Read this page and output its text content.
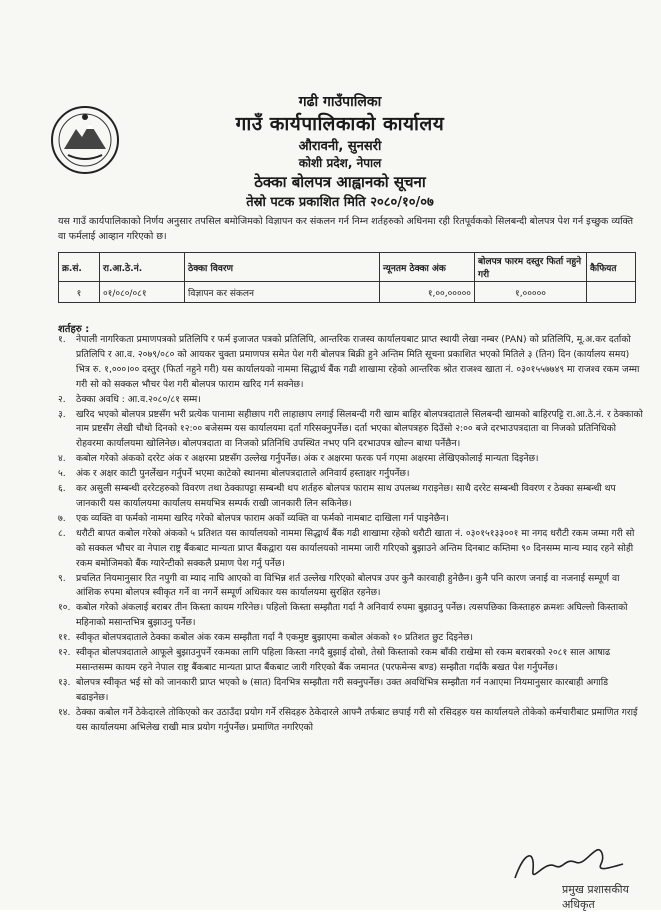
गढी गाउँपालिका
गाउँ कार्यपालिकाको कार्यालय
औरावनी, सुनसरी
कोशी प्रदेश, नेपाल
ठेक्का बोलपत्र आह्वानको सूचना
तेस्रो पटक प्रकाशित मिति २०८०/१०/०७
यस गाउँ कार्यपालिकाको निर्णय अनुसार तपसिल बमोजिमको विज्ञापन कर संकलन गर्न निम्न शर्तहरुको अधिनमा रही रितपूर्वकको सिलबन्दी बोलपत्र पेश गर्न इच्छुक व्यक्ति वा फर्मलाई आव्हान गरिएको छ।
क्र.सं.	रा.आ.ठे.नं.	ठेक्का विवरण	न्यूनतम ठेक्का अंक	बोलपत्र फारम दस्तुर फिर्ता नहुने गरी	कैफियत
१	०१/०८०/०८१	विज्ञापन कर संकलन	१,००,०००००	१,०००००	
शर्तहरु :
१.	नेपाली नागरिकता प्रमाणपत्रको प्रतिलिपि र फर्म इजाजत पत्रको प्रतिलिपि, आन्तरिक राजस्व कार्यालयबाट प्राप्त स्थायी लेखा नम्बर (PAN) को प्रतिलिपि, मू.अ.कर दर्ताको प्रतिलिपि र आ.व. २०७९/०८० को आयकर चुक्ता प्रमाणपत्र समेत पेश गरी बोलपत्र बिक्री हुने अन्तिम मिति सूचना प्रकाशित भएको मितिले ३ (तिन) दिन (कार्यालय समय) भित्र रु. १,०००।०० दस्तुर (फिर्ता नहुने गरी) यस कार्यालयको नाममा सिद्धार्थ बैंक गढी शाखामा रहेको आन्तरिक श्रोत राजश्व खाता नं. ०३०१५५७७४९ मा राजश्व रकम जम्मा गरी सो को सक्कल भौचर पेश गरी बोलपत्र फाराम खरिद गर्न सक्नेछ।
२.	ठेक्का अवधि : आ.व.२०८०/८१ सम्म।
३.	खरिद भएको बोलपत्र प्रष्टसँग भरी प्रत्येक पानामा सहीछाप गरी लाहाछाप लगाई सिलबन्दी गरी खाम बाहिर बोलपत्रदाताले सिलबन्दी खामको बाहिरपट्टि रा.आ.ठे.नं. र ठेक्काको नाम प्रष्टसँग लेखी चौथो दिनको १२:०० बजेसम्म यस कार्यालयमा दर्ता गरिसक्नुपर्नेछ। दर्ता भएका बोलपत्रहरु दिउँसो २:०० बजे दरभाउपत्रदाता वा निजको प्रतिनिधिको रोहवरमा कार्यालयमा खोलिनेछ। बोलपत्रदाता वा निजको प्रतिनिधि उपस्थित नभए पनि दरभाउपत्र खोल्न बाधा पर्नेछैन।
४.	कबोल गरेको अंकको दररेट अंक र अक्षरमा प्रष्टसँग उल्लेख गर्नुपर्नेछ। अंक र अक्षरमा फरक पर्न गएमा अक्षरमा लेखिएकोलाई मान्यता दिइनेछ।
५.	अंक र अक्षर काटी पुनर्लेखन गर्नुपर्ने भएमा काटेको स्थानमा बोलपत्रदाताले अनिवार्य हस्ताक्षर गर्नुपर्नेछ।
६.	कर असुली सम्बन्धी दररेटहरुको विवरण तथा ठेक्कापट्टा सम्बन्धी थप शर्तहरु बोलपत्र फाराम साथ उपलब्ध गराइनेछ। साथै दररेट सम्बन्धी विवरण र ठेक्का सम्बन्धी थप जानकारी यस कार्यालयमा कार्यालय समयभित्र सम्पर्क राखी जानकारी लिन सकिनेछ।
७.	एक व्यक्ति वा फर्मको नाममा खरिद गरेको बोलपत्र फाराम अर्को व्यक्ति वा फर्मको नामबाट दाखिला गर्न पाइनेछैन।
८.	धरौटी बापत कबोल गरेको अंकको ५ प्रतिशत यस कार्यालयको नाममा सिद्धार्थ बैंक गढी शाखामा रहेको धरौटी खाता नं. ०३०१५१३३००१ मा नगद धरौटी रकम जम्मा गरी सो को सक्कल भौचर वा नेपाल राष्ट्र बैंकबाट मान्यता प्राप्त बैंकद्वारा यस कार्यालयको नाममा जारी गरिएको बुझाउने अन्तिम दिनबाट कम्तिमा ९० दिनसम्म मान्य म्याद रहने सोही रकम बमोजिमको बैंक ग्यारेन्टीको सक्कलै प्रमाण पेश गर्नु पर्नेछ।
९.	प्रचलित नियमानुसार रित नपुगी वा म्याद नाघि आएको वा विभिन्न शर्त उल्लेख गरिएको बोलपत्र उपर कुनै कारवाही हुनेछैन। कुनै पनि कारण जनाई वा नजनाई सम्पूर्ण वा आंशिक रुपमा बोलपत्र स्वीकृत गर्ने वा नगर्ने सम्पूर्ण अधिकार यस कार्यालयमा सुरक्षित रहनेछ।
१०. कबोल गरेको अंकलाई बराबर तीन किस्ता कायम गरिनेछ। पहिलो किस्ता सम्झौता गर्दा नै अनिवार्य रुपमा बुझाउनु पर्नेछ। त्यसपछिका किस्ताहरु क्रमशः अघिल्लो किस्ताको महिनाको मसान्तभित्र बुझाउनु पर्नेछ।
११. स्वीकृत बोलपत्रदाताले ठेक्का कबोल अंक रकम सम्झौता गर्दा नै एकमुष्ट बुझाएमा कबोल अंकको १० प्रतिशत छुट दिइनेछ।
१२. स्वीकृत बोलपत्रदाताले आफूले बुझाउनुपर्ने रकमका लागि पहिला किस्ता नगदै बुझाई दोस्रो, तेस्रो किस्ताको रकम बाँकी राखेमा सो रकम बराबरको २०८१ साल आषाढ मसान्तसम्म कायम रहने नेपाल राष्ट्र बैंकबाट मान्यता प्राप्त बैंकबाट जारी गरिएको बैंक जमानत (परफमेन्स बण्ड) सम्झौता गर्दाकै बखत पेश गर्नुपर्नेछ।
१३. बोलपत्र स्वीकृत भई सो को जानकारी प्राप्त भएको ७ (सात) दिनभित्र सम्झौता गरी सक्नुपर्नेछ। उक्त अवधिभित्र सम्झौता गर्न नआएमा नियमानुसार कारबाही अगाडि बढाइनेछ।
१४. ठेक्का कबोल गर्ने ठेकेदारले तोकिएको कर उठाउँदा प्रयोग गर्ने रसिदहरु ठेकेदारले आफ्नै तर्फबाट छपाई गरी सो रसिदहरु यस कार्यालयले तोकेको कर्मचारीबाट प्रमाणित गराई यस कार्यालयमा अभिलेख राखी मात्र प्रयोग गर्नुपर्नेछ। प्रमाणित नगरिएको
प्रमुख प्रशासकीय अधिकृत
